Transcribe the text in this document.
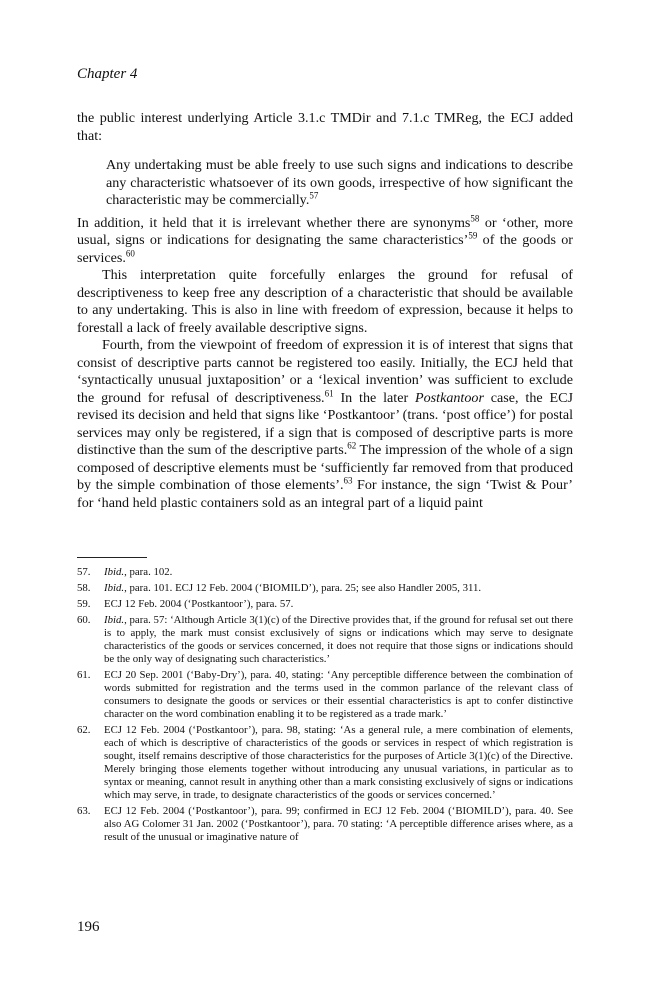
Chapter 4

the public interest underlying Article 3.1.c TMDir and 7.1.c TMReg, the ECJ added that:

Any undertaking must be able freely to use such signs and indications to describe any characteristic whatsoever of its own goods, irrespective of how significant the characteristic may be commercially.$^{57}$

In addition, it held that it is irrelevant whether there are synonyms$^{58}$ or ‘other, more usual, signs or indications for designating the same characteristics’$^{59}$ of the goods or services.$^{60}$

This interpretation quite forcefully enlarges the ground for refusal of descriptiveness to keep free any description of a characteristic that should be available to any undertaking. This is also in line with freedom of expression, because it helps to forestall a lack of freely available descriptive signs.

Fourth, from the viewpoint of freedom of expression it is of interest that signs that consist of descriptive parts cannot be registered too easily. Initially, the ECJ held that ‘syntactically unusual juxtaposition’ or a ‘lexical invention’ was sufficient to exclude the ground for refusal of descriptiveness.$^{61}$ In the later Postkantoor case, the ECJ revised its decision and held that signs like ‘Postkantoor’ (trans. ‘post office’) for postal services may only be registered, if a sign that is composed of descriptive parts is more distinctive than the sum of the descriptive parts.$^{62}$ The impression of the whole of a sign composed of descriptive elements must be ‘sufficiently far removed from that produced by the simple combination of those elements’.$^{63}$ For instance, the sign ‘Twist & Pour’ for ‘hand held plastic containers sold as an integral part of a liquid paint

57.	Ibid., para. 102.
58.	Ibid., para. 101. ECJ 12 Feb. 2004 (‘BIOMILD’), para. 25; see also Handler 2005, 311.
59.	ECJ 12 Feb. 2004 (‘Postkantoor’), para. 57.
60.	Ibid., para. 57: ‘Although Article 3(1)(c) of the Directive provides that, if the ground for refusal set out there is to apply, the mark must consist exclusively of signs or indications which may serve to designate characteristics of the goods or services concerned, it does not require that those signs or indications should be the only way of designating such characteristics.’
61.	ECJ 20 Sep. 2001 (‘Baby-Dry’), para. 40, stating: ‘Any perceptible difference between the combination of words submitted for registration and the terms used in the common parlance of the relevant class of consumers to designate the goods or services or their essential characteristics is apt to confer distinctive character on the word combination enabling it to be registered as a trade mark.’
62.	ECJ 12 Feb. 2004 (‘Postkantoor’), para. 98, stating: ‘As a general rule, a mere combination of elements, each of which is descriptive of characteristics of the goods or services in respect of which registration is sought, itself remains descriptive of those characteristics for the purposes of Article 3(1)(c) of the Directive. Merely bringing those elements together without introducing any unusual variations, in particular as to syntax or meaning, cannot result in anything other than a mark consisting exclusively of signs or indications which may serve, in trade, to designate characteristics of the goods or services concerned.’
63.	ECJ 12 Feb. 2004 (‘Postkantoor’), para. 99; confirmed in ECJ 12 Feb. 2004 (‘BIOMILD’), para. 40. See also AG Colomer 31 Jan. 2002 (‘Postkantoor’), para. 70 stating: ‘A perceptible difference arises where, as a result of the unusual or imaginative nature of
196
